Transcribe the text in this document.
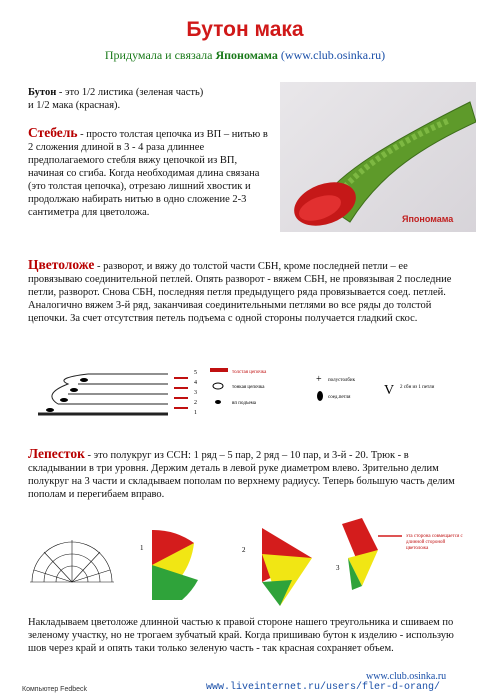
Бутон мака
Придумала и связала Япономама (www.club.osinka.ru)
Бутон - это 1/2 листика (зеленая часть)
и 1/2 мака (красная).
Стебель - просто толстая цепочка из ВП – нитью в 2 сложения длиной в 3 - 4 раза длиннее предполагаемого стебля вяжу цепочкой из ВП, начиная со сгиба. Когда необходимая длина связана (это толстая цепочка), отрезаю лишний хвостик и продолжаю набирать нитью в одно сложение 2-3 сантиметра для цветоложа.
Япономама
Цветоложе - разворот, и вяжу до толстой части СБН, кроме последней петли – ее провязываю соединительной петлей. Опять разворот - вяжем СБН, не провязывая 2 последние петли, разворот. Снова СБН, последняя петля предыдущего ряда провязывается соед. петлей. Аналогично вяжем 3-й ряд, заканчивая соединительными петлями во все ряды до толстой цепочки. За счет отсутствия петель подъема с одной стороны получается гладкий скос.
5
4
3
2
1
толстая цепочка
тонкая цепочка
вп подъема
+ полустолбик
соед.петля V 2 сбн из 1 петли
Лепесток - это полукруг из ССН: 1 ряд – 5 пар, 2 ряд – 10 пар, и 3-й - 20. Трюк - в складывании в три уровня. Держим деталь в левой руке диаметром влево. Зрительно делим полукруг на 3 части и складываем пополам по верхнему радиусу. Теперь большую часть делим пополам и перегибаем вправо.
1	2
3
эта сторона совмещается с длинной стороной цветоложа
Накладываем цветоложе длинной частью к правой стороне нашего треугольника и сшиваем по зеленому участку, но не трогаем зубчатый край. Когда пришиваю бутон к изделию - использую шов через край и опять таки только зеленую часть - так красная сохраняет объем.
www.club.osinka.ru
Компьютер Fedbeck	www.liveinternet.ru/users/fler-d-orang/
